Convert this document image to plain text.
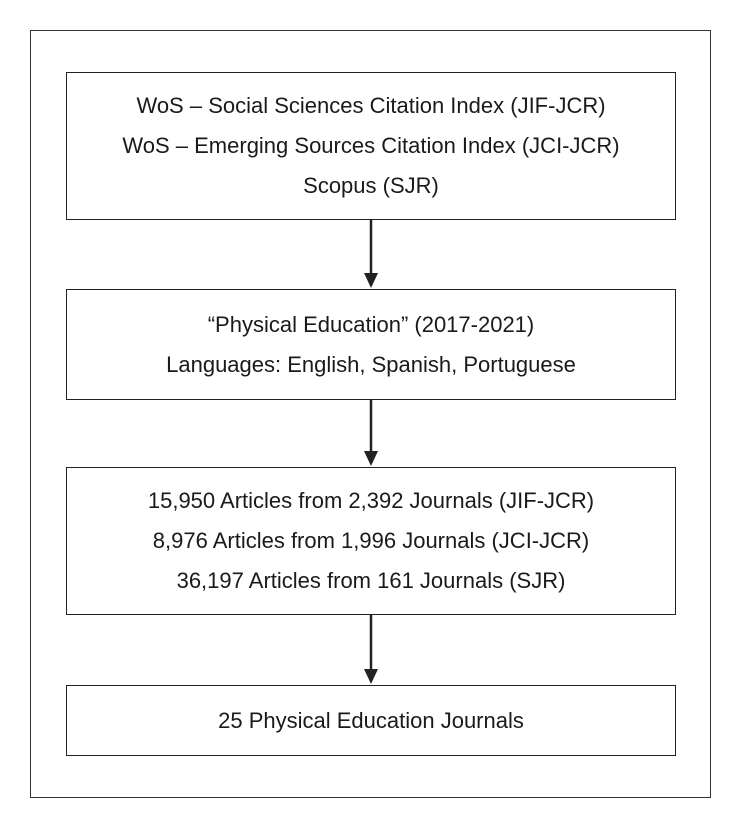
WoS – Social Sciences Citation Index (JIF-JCR)
WoS – Emerging Sources Citation Index (JCI-JCR)
Scopus (SJR)
“Physical Education” (2017-2021)
Languages: English, Spanish, Portuguese
15,950 Articles from 2,392 Journals (JIF-JCR)
8,976 Articles from 1,996 Journals (JCI-JCR)
36,197 Articles from 161 Journals (SJR)
25 Physical Education Journals
